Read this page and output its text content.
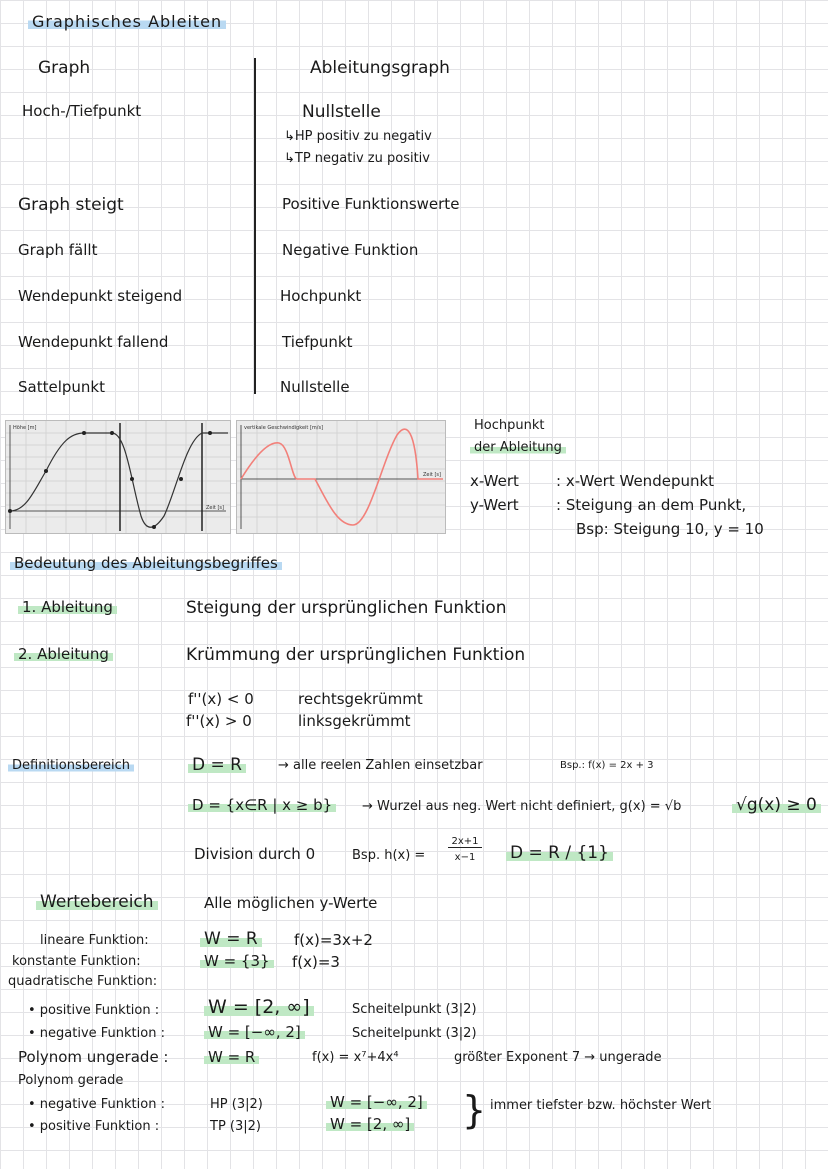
Graphisches Ableiten
Graph	Ableitungsgraph
Hoch-/Tiefpunkt	Nullstelle
↳HP positiv zu negativ
↳TP negativ zu positiv
Graph steigt	Positive Funktionswerte
Graph fällt	Negative Funktion
Wendepunkt steigend	Hochpunkt
Wendepunkt fallend	Tiefpunkt
Sattelpunkt	Nullstelle
Höhe [m]
Zeit [s]
vertikale Geschwindigkeit [m/s]
Zeit [s]
Hochpunkt
der Ableitung
x-Wert : x-Wert Wendepunkt
y-Wert : Steigung an dem Punkt,
Bsp: Steigung 10, y = 10
Bedeutung des Ableitungsbegriffes
1. Ableitung	Steigung der ursprünglichen Funktion
2. Ableitung	Krümmung der ursprünglichen Funktion
f''(x) < 0	rechtsgekrümmt
f''(x) > 0	linksgekrümmt
Definitionsbereich	D = R	→ alle reelen Zahlen einsetzbar	Bsp.: f(x) = 2x + 3
D = {x∈R | x ≥ b}	→ Wurzel aus neg. Wert nicht definiert, g(x) = √b	√g(x) ≥ 0
Division durch 0	Bsp. h(x) =
2x+1
x−1	D = R / {1}
Wertebereich	Alle möglichen y-Werte
lineare Funktion:	W = R f(x)=3x+2
konstante Funktion:	W = {3} f(x)=3
quadratische Funktion:
• positive Funktion :	W = [2, ∞]	Scheitelpunkt (3|2)
• negative Funktion :	W = [−∞, 2]	Scheitelpunkt (3|2)
Polynom ungerade :	W = R	f(x) = x⁷+4x⁴	größter Exponent 7 → ungerade
Polynom gerade
• negative Funktion :	HP (3|2)	W = [−∞, 2]
• positive Funktion :	TP (3|2)	W = [2, ∞] } immer tiefster bzw. höchster Wert
